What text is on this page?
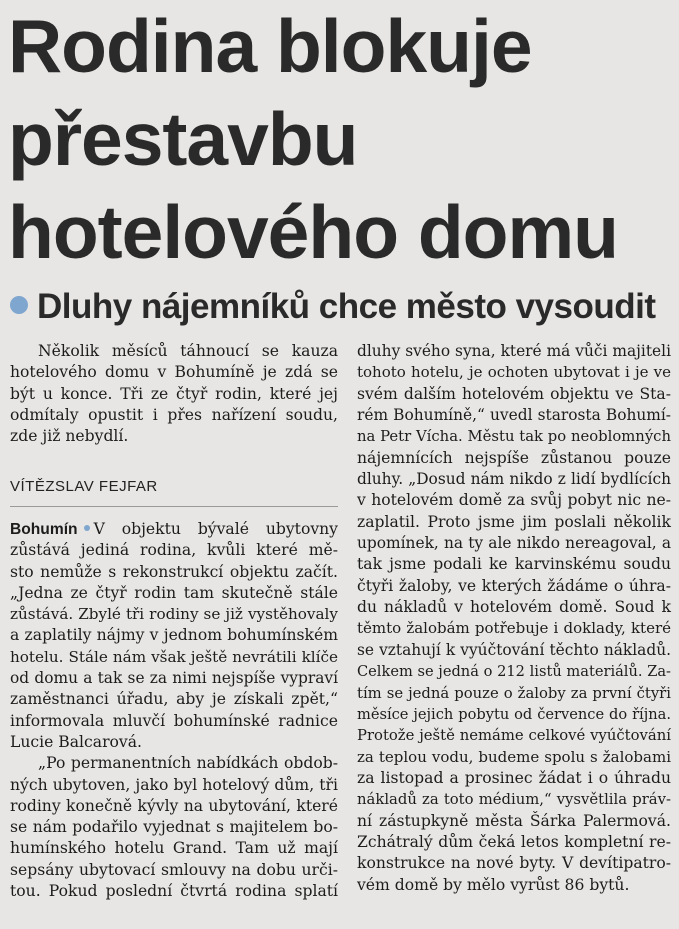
Rodina blokuje
přestavbu
hotelového domu
Dluhy nájemníků chce město vysoudit
Několik měsíců táhnoucí se kauza
hotelového domu v Bohumíně je zdá se
být u konce. Tři ze čtyř rodin, které jej
odmítaly opustit i přes nařízení soudu,
zde již nebydlí.
VÍTĚZSLAV FEJFAR
Bohumín V objektu bývalé ubytovny
zůstává jediná rodina, kvůli které mě-
sto nemůže s rekonstrukcí objektu začít.
„Jedna ze čtyř rodin tam skutečně stále
zůstává. Zbylé tři rodiny se již vystěhovaly
a zaplatily nájmy v jednom bohumínském
hotelu. Stále nám však ještě nevrátili klíče
od domu a tak se za nimi nejspíše vypraví
zaměstnanci úřadu, aby je získali zpět,“
informovala mluvčí bohumínské radnice
Lucie Balcarová.
„Po permanentních nabídkách obdob-
ných ubytoven, jako byl hotelový dům, tři
rodiny konečně kývly na ubytování, které
se nám podařilo vyjednat s majitelem bo-
humínského hotelu Grand. Tam už mají
sepsány ubytovací smlouvy na dobu urči-
tou. Pokud poslední čtvrtá rodina splatí
dluhy svého syna, které má vůči majiteli
tohoto hotelu, je ochoten ubytovat i je ve
svém dalším hotelovém objektu ve Sta-
rém Bohumíně,“ uvedl starosta Bohumí-
na Petr Vícha. Městu tak po neoblomných
nájemnících nejspíše zůstanou pouze
dluhy. „Dosud nám nikdo z lidí bydlících
v hotelovém domě za svůj pobyt nic ne-
zaplatil. Proto jsme jim poslali několik
upomínek, na ty ale nikdo nereagoval, a
tak jsme podali ke karvinskému soudu
čtyři žaloby, ve kterých žádáme o úhra-
du nákladů v hotelovém domě. Soud k
těmto žalobám potřebuje i doklady, které
se vztahují k vyúčtování těchto nákladů.
Celkem se jedná o 212 listů materiálů. Za-
tím se jedná pouze o žaloby za první čtyři
měsíce jejich pobytu od července do října.
Protože ještě nemáme celkové vyúčtování
za teplou vodu, budeme spolu s žalobami
za listopad a prosinec žádat i o úhradu
nákladů za toto médium,“ vysvětlila práv-
ní zástupkyně města Šárka Palermová.
Zchátralý dům čeká letos kompletní re-
konstrukce na nové byty. V devítipatro-
vém domě by mělo vyrůst 86 bytů.
